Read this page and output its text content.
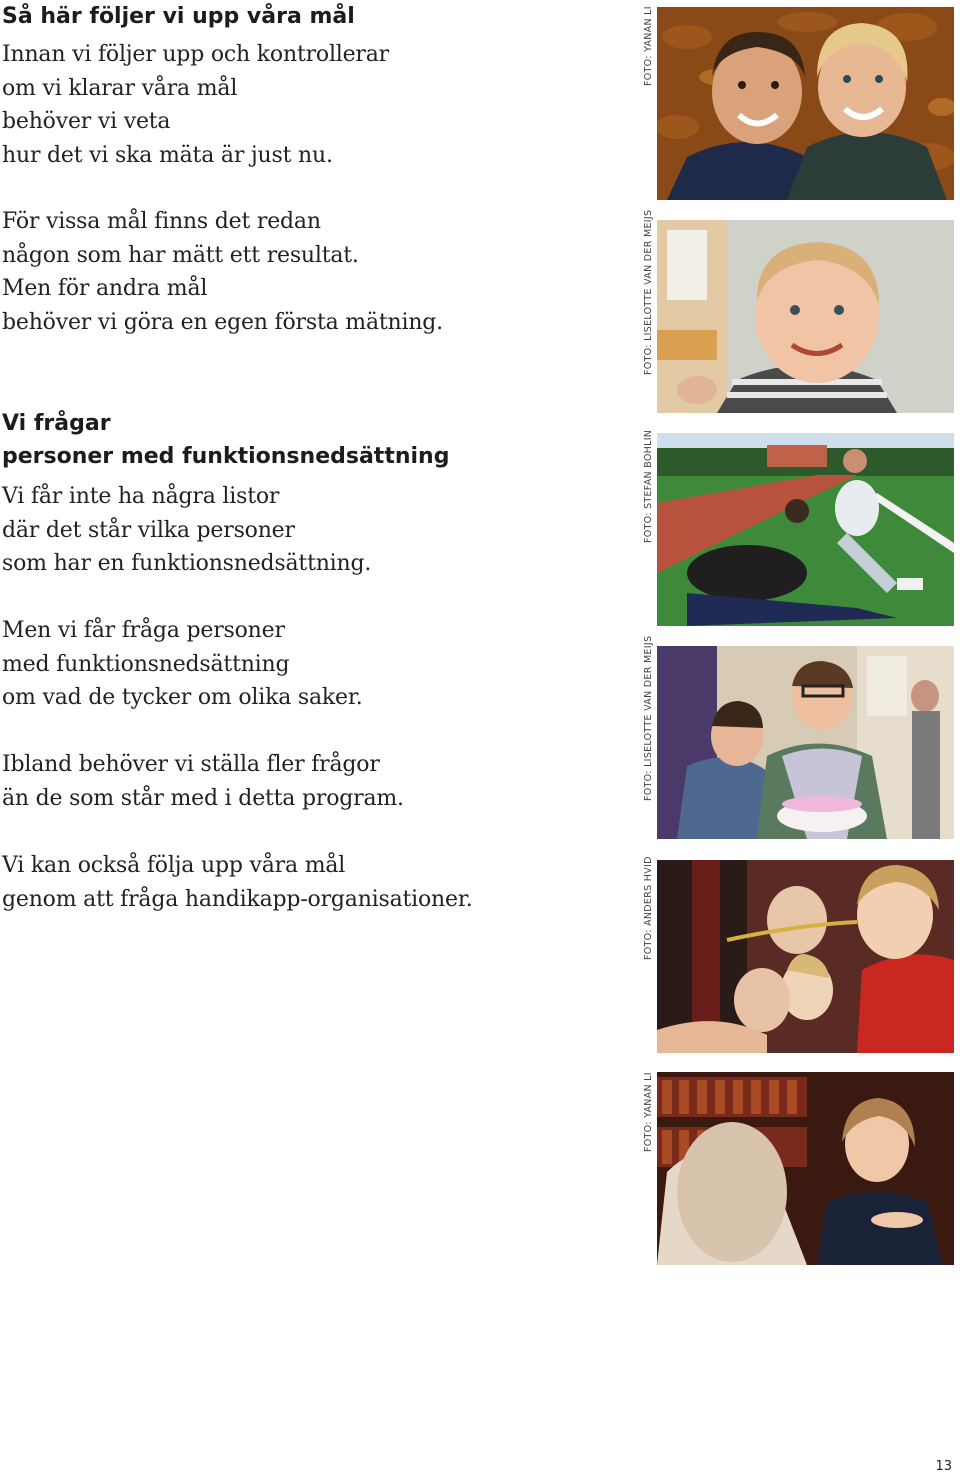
Så här följer vi upp våra mål

Innan vi följer upp och kontrollerar
om vi klarar våra mål
behöver vi veta
hur det vi ska mäta är just nu.

För vissa mål finns det redan
någon som har mätt ett resultat.
Men för andra mål
behöver vi göra en egen första mätning.

Vi frågar
personer med funktionsnedsättning

Vi får inte ha några listor
där det står vilka personer
som har en funktionsnedsättning.

Men vi får fråga personer
med funktionsnedsättning
om vad de tycker om olika saker.

Ibland behöver vi ställa fler frågor
än de som står med i detta program.

Vi kan också följa upp våra mål
genom att fråga handikapp-organisationer.

FOTO: YANAN LI
FOTO: LISELOTTE VAN DER MEIJS
FOTO: STEFAN BOHLIN
FOTO: LISELOTTE VAN DER MEIJS
FOTO: ANDERS HVID
FOTO: YANAN LI
13
